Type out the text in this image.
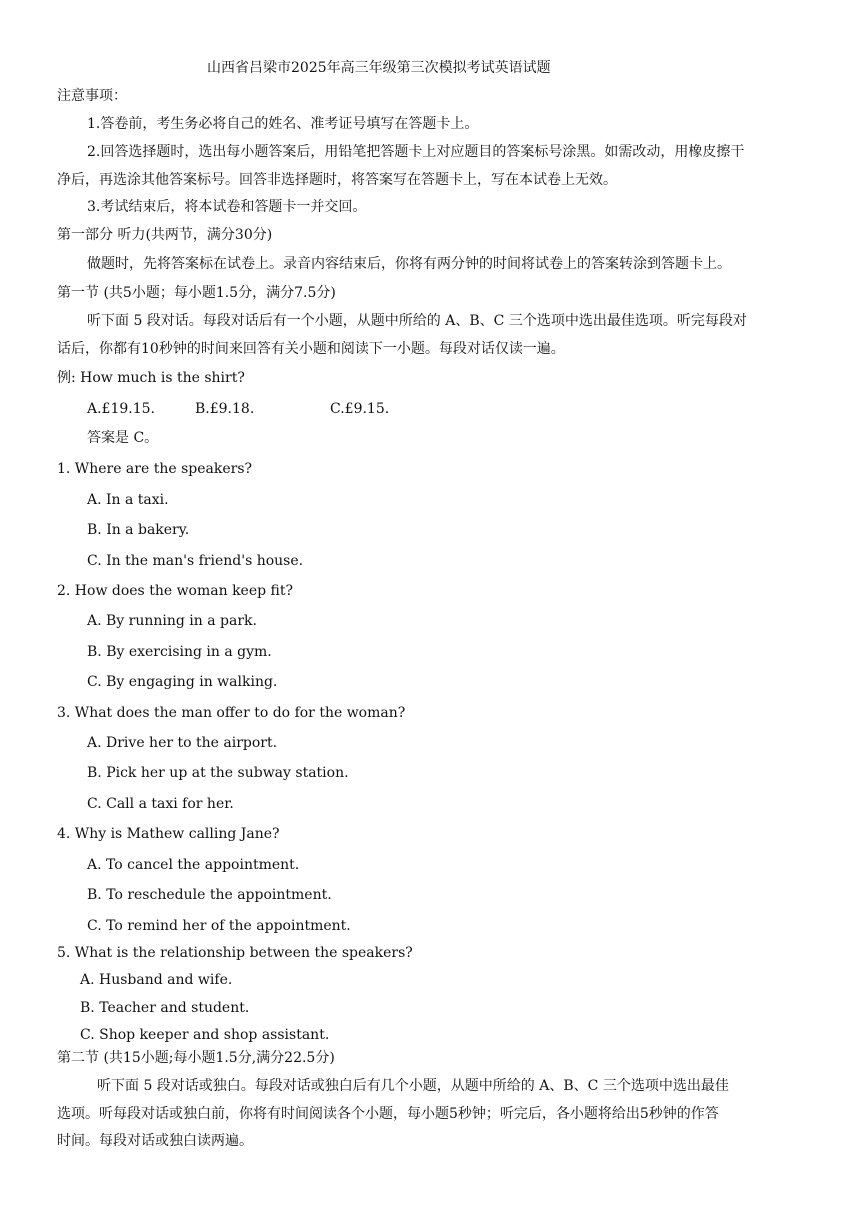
山西省吕梁市2025年高三年级第三次模拟考试英语试题
注意事项：
1.答卷前，考生务必将自己的姓名、准考证号填写在答题卡上。
2.回答选择题时，选出每小题答案后，用铅笔把答题卡上对应题目的答案标号涂黑。如需改动，用橡皮擦干
净后，再选涂其他答案标号。回答非选择题时，将答案写在答题卡上，写在本试卷上无效。
3.考试结束后，将本试卷和答题卡一并交回。
第一部分 听力(共两节，满分30分)
做题时，先将答案标在试卷上。录音内容结束后，你将有两分钟的时间将试卷上的答案转涂到答题卡上。
第一节 (共5小题；每小题1.5分，满分7.5分)
听下面 5 段对话。每段对话后有一个小题，从题中所给的 A、B、C 三个选项中选出最佳选项。听完每段对
话后，你都有10秒钟的时间来回答有关小题和阅读下一小题。每段对话仅读一遍。
例: How much is the shirt?
A.£19.15.	B.£9.18.	C.£9.15.
答案是 C。
1. Where are the speakers?
A. In a taxi.
B. In a bakery.
C. In the man's friend's house.
2. How does the woman keep fit?
A. By running in a park.
B. By exercising in a gym.
C. By engaging in walking.
3. What does the man offer to do for the woman?
A. Drive her to the airport.
B. Pick her up at the subway station.
C. Call a taxi for her.
4. Why is Mathew calling Jane?
A. To cancel the appointment.
B. To reschedule the appointment.
C. To remind her of the appointment.
5. What is the relationship between the speakers?
A. Husband and wife.
B. Teacher and student.
C. Shop keeper and shop assistant.
第二节 (共15小题;每小题1.5分,满分22.5分)
听下面 5 段对话或独白。每段对话或独白后有几个小题，从题中所给的 A、B、C 三个选项中选出最佳
选项。听每段对话或独白前，你将有时间阅读各个小题，每小题5秒钟；听完后，各小题将给出5秒钟的作答
时间。每段对话或独白读两遍。
